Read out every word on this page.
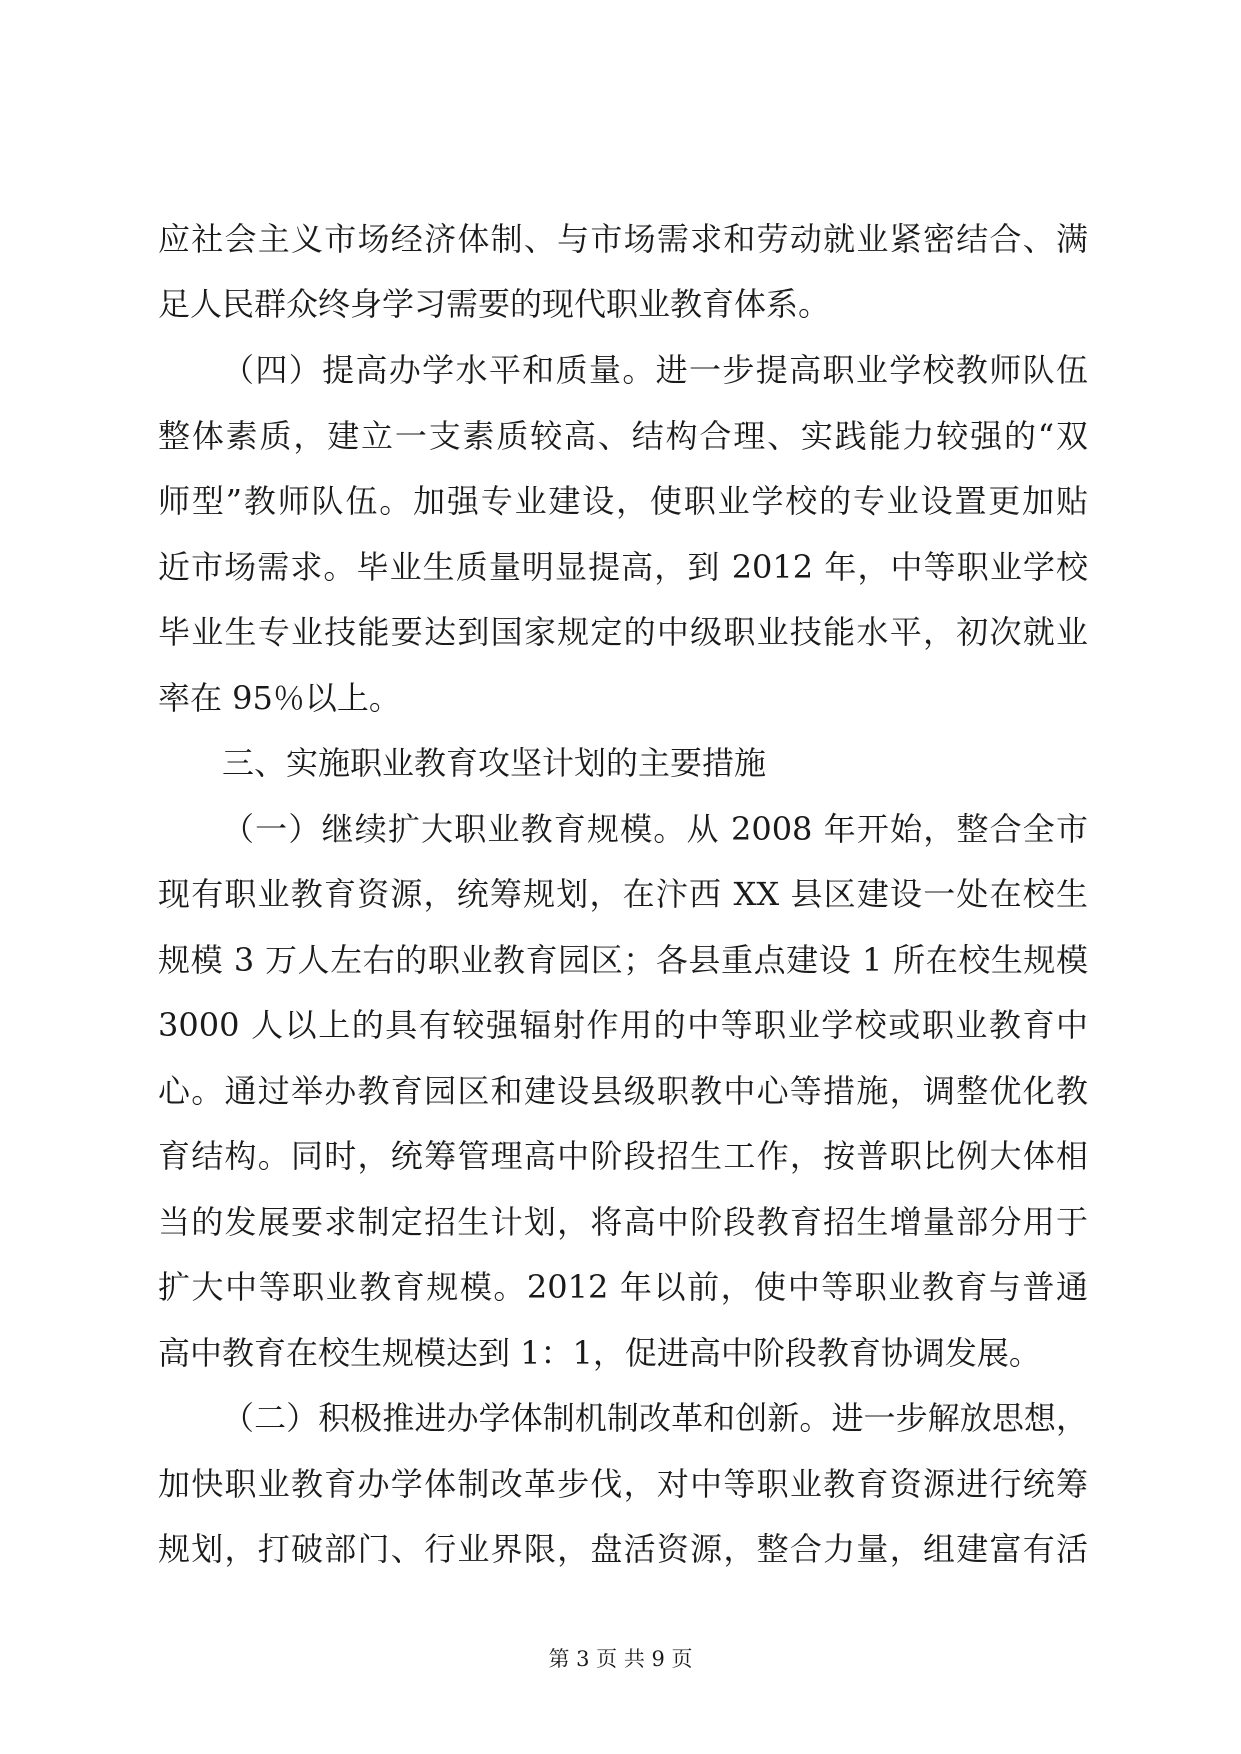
应社会主义市场经济体制、与市场需求和劳动就业紧密结合、满
足人民群众终身学习需要的现代职业教育体系。
（四）提高办学水平和质量。进一步提高职业学校教师队伍
整体素质，建立一支素质较高、结构合理、实践能力较强的“双
师型”教师队伍。加强专业建设，使职业学校的专业设置更加贴
近市场需求。毕业生质量明显提高，到 2012 年，中等职业学校
毕业生专业技能要达到国家规定的中级职业技能水平，初次就业
率在 95％以上。
三、实施职业教育攻坚计划的主要措施
（一）继续扩大职业教育规模。从 2008 年开始，整合全市
现有职业教育资源，统筹规划，在汴西 XX 县区建设一处在校生
规模 3 万人左右的职业教育园区；各县重点建设 1 所在校生规模
3000 人以上的具有较强辐射作用的中等职业学校或职业教育中
心。通过举办教育园区和建设县级职教中心等措施，调整优化教
育结构。同时，统筹管理高中阶段招生工作，按普职比例大体相
当的发展要求制定招生计划，将高中阶段教育招生增量部分用于
扩大中等职业教育规模。2012 年以前，使中等职业教育与普通
高中教育在校生规模达到 1：1，促进高中阶段教育协调发展。
（二）积极推进办学体制机制改革和创新。进一步解放思想，
加快职业教育办学体制改革步伐，对中等职业教育资源进行统筹
规划，打破部门、行业界限，盘活资源，整合力量，组建富有活
第 3 页 共 9 页
